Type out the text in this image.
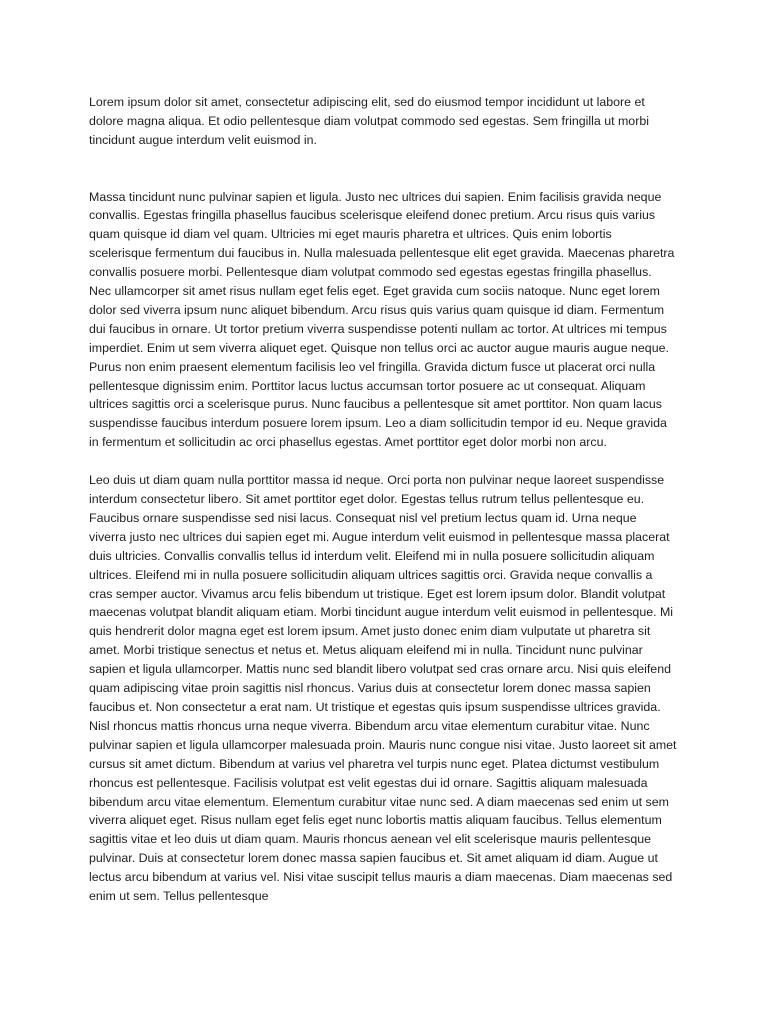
Lorem ipsum dolor sit amet, consectetur adipiscing elit, sed do eiusmod tempor incididunt ut labore et dolore magna aliqua. Et odio pellentesque diam volutpat commodo sed egestas. Sem fringilla ut morbi tincidunt augue interdum velit euismod in.

Massa tincidunt nunc pulvinar sapien et ligula. Justo nec ultrices dui sapien. Enim facilisis gravida neque convallis. Egestas fringilla phasellus faucibus scelerisque eleifend donec pretium. Arcu risus quis varius quam quisque id diam vel quam. Ultricies mi eget mauris pharetra et ultrices. Quis enim lobortis scelerisque fermentum dui faucibus in. Nulla malesuada pellentesque elit eget gravida. Maecenas pharetra convallis posuere morbi. Pellentesque diam volutpat commodo sed egestas egestas fringilla phasellus. Nec ullamcorper sit amet risus nullam eget felis eget. Eget gravida cum sociis natoque. Nunc eget lorem dolor sed viverra ipsum nunc aliquet bibendum. Arcu risus quis varius quam quisque id diam. Fermentum dui faucibus in ornare. Ut tortor pretium viverra suspendisse potenti nullam ac tortor. At ultrices mi tempus imperdiet. Enim ut sem viverra aliquet eget. Quisque non tellus orci ac auctor augue mauris augue neque. Purus non enim praesent elementum facilisis leo vel fringilla. Gravida dictum fusce ut placerat orci nulla pellentesque dignissim enim. Porttitor lacus luctus accumsan tortor posuere ac ut consequat. Aliquam ultrices sagittis orci a scelerisque purus. Nunc faucibus a pellentesque sit amet porttitor. Non quam lacus suspendisse faucibus interdum posuere lorem ipsum. Leo a diam sollicitudin tempor id eu. Neque gravida in fermentum et sollicitudin ac orci phasellus egestas. Amet porttitor eget dolor morbi non arcu.

Leo duis ut diam quam nulla porttitor massa id neque. Orci porta non pulvinar neque laoreet suspendisse interdum consectetur libero. Sit amet porttitor eget dolor. Egestas tellus rutrum tellus pellentesque eu. Faucibus ornare suspendisse sed nisi lacus. Consequat nisl vel pretium lectus quam id. Urna neque viverra justo nec ultrices dui sapien eget mi. Augue interdum velit euismod in pellentesque massa placerat duis ultricies. Convallis convallis tellus id interdum velit. Eleifend mi in nulla posuere sollicitudin aliquam ultrices. Eleifend mi in nulla posuere sollicitudin aliquam ultrices sagittis orci. Gravida neque convallis a cras semper auctor. Vivamus arcu felis bibendum ut tristique. Eget est lorem ipsum dolor. Blandit volutpat maecenas volutpat blandit aliquam etiam. Morbi tincidunt augue interdum velit euismod in pellentesque. Mi quis hendrerit dolor magna eget est lorem ipsum. Amet justo donec enim diam vulputate ut pharetra sit amet. Morbi tristique senectus et netus et. Metus aliquam eleifend mi in nulla. Tincidunt nunc pulvinar sapien et ligula ullamcorper. Mattis nunc sed blandit libero volutpat sed cras ornare arcu. Nisi quis eleifend quam adipiscing vitae proin sagittis nisl rhoncus. Varius duis at consectetur lorem donec massa sapien faucibus et. Non consectetur a erat nam. Ut tristique et egestas quis ipsum suspendisse ultrices gravida. Nisl rhoncus mattis rhoncus urna neque viverra. Bibendum arcu vitae elementum curabitur vitae. Nunc pulvinar sapien et ligula ullamcorper malesuada proin. Mauris nunc congue nisi vitae. Justo laoreet sit amet cursus sit amet dictum. Bibendum at varius vel pharetra vel turpis nunc eget. Platea dictumst vestibulum rhoncus est pellentesque. Facilisis volutpat est velit egestas dui id ornare. Sagittis aliquam malesuada bibendum arcu vitae elementum. Elementum curabitur vitae nunc sed. A diam maecenas sed enim ut sem viverra aliquet eget. Risus nullam eget felis eget nunc lobortis mattis aliquam faucibus. Tellus elementum sagittis vitae et leo duis ut diam quam. Mauris rhoncus aenean vel elit scelerisque mauris pellentesque pulvinar. Duis at consectetur lorem donec massa sapien faucibus et. Sit amet aliquam id diam. Augue ut lectus arcu bibendum at varius vel. Nisi vitae suscipit tellus mauris a diam maecenas. Diam maecenas sed enim ut sem. Tellus pellentesque
